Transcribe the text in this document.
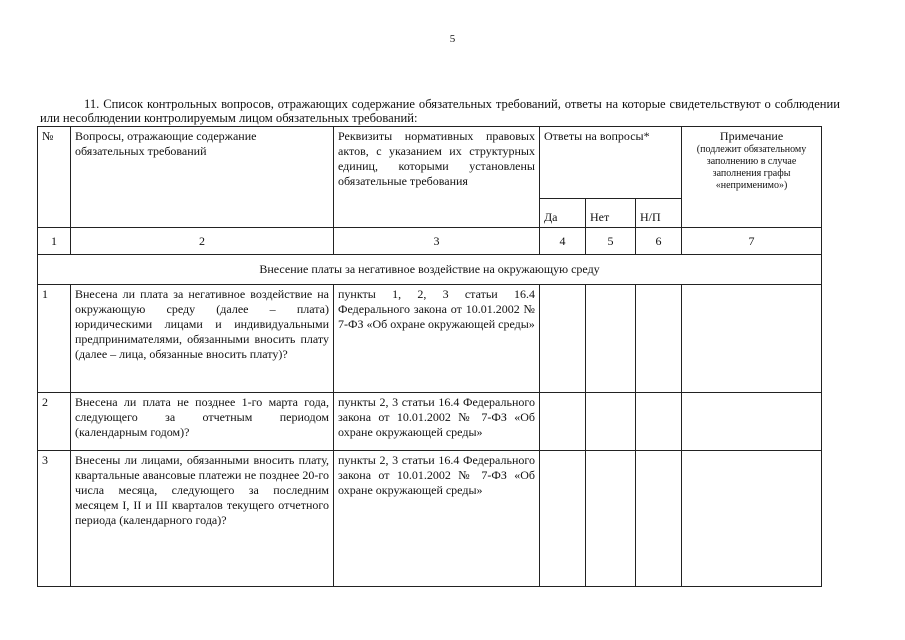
5

11. Список контрольных вопросов, отражающих содержание обязательных требований, ответы на которые свидетельствуют о соблюдении или несоблюдении контролируемым лицом обязательных требований:

№	Вопросы, отражающие содержание обязательных требований	Реквизиты нормативных правовых актов, с указанием их структурных единиц, которыми установлены обязательные требования	Ответы на вопросы*			Примечание
(подлежит обязательному заполнению в случае заполнения графы «неприменимо»)
			Да	Нет	Н/П	
1	2	3	4	5	6	7
Внесение платы за негативное воздействие на окружающую среду						
1	Внесена ли плата за негативное воздействие на окружающую среду (далее – плата) юридическими лицами и индивидуальными предпринимателями, обязанными вносить плату (далее – лица, обязанные вносить плату)?	пункты 1, 2, 3 статьи 16.4 Федерального закона от 10.01.2002 № 7-ФЗ «Об охране окружающей среды»				
2	Внесена ли плата не позднее 1-го марта года, следующего за отчетным периодом (календарным годом)?	пункты 2, 3 статьи 16.4 Федерального закона от 10.01.2002 № 7-ФЗ «Об охране окружающей среды»				
3	Внесены ли лицами, обязанными вносить плату, квартальные авансовые платежи не позднее 20-го числа месяца, следующего за последним месяцем I, II и III кварталов текущего отчетного периода (календарного года)?	пункты 2, 3 статьи 16.4 Федерального закона от 10.01.2002 № 7-ФЗ «Об охране окружающей среды»				
